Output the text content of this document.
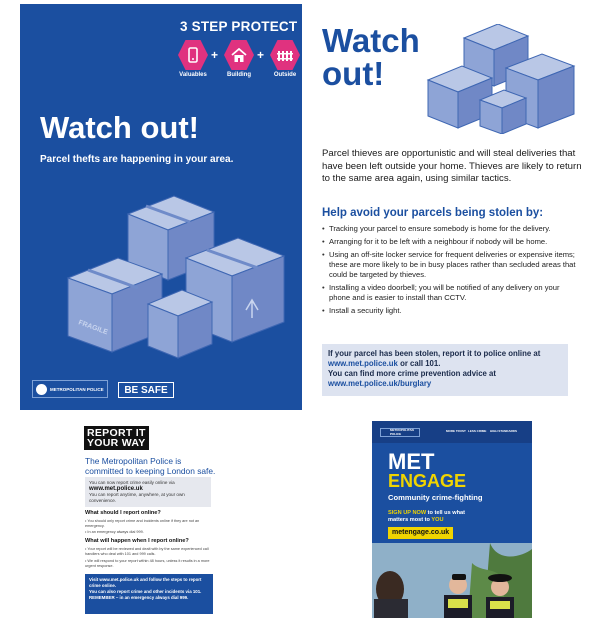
3 STEP PROTECT
Valuables
+
Building
+
Outside
Watch out!
Parcel thefts are happening in your area.
FRAGILE
METROPOLITAN POLICE	BE SAFE
Watch out!
Parcel thieves are opportunistic and will steal deliveries that have been left outside your home. Thieves are likely to return to the same area again, using similar tactics.
Help avoid your parcels being stolen by:
• Tracking your parcel to ensure somebody is home for the delivery.
• Arranging for it to be left with a neighbour if nobody will be home.
• Using an off-site locker service for frequent deliveries or expensive items; these are more likely to be in busy places rather than secluded areas that could be targeted by thieves.
• Installing a video doorbell; you will be notified of any delivery on your phone and is easier to install than CCTV.
• Install a security light.
If your parcel has been stolen, report it to police online at
www.met.police.uk or call 101.
You can find more crime prevention advice at
www.met.police.uk/burglary
REPORT IT
YOUR WAY
The Metropolitan Police is committed to keeping London safe.
You can now report crime easily online via
www.met.police.uk
You can report anytime, anywhere, at your own convenience.
What should I report online?
• You should only report crime and incidents online if they are not an emergency.
• In an emergency always dial 999.
What will happen when I report online?
• Your report will be reviewed and dealt with by the same experienced call handlers who deal with 101 and 999 calls.
• We will respond to your report within 48 hours, unless it results in a more urgent response.
Visit www.met.police.uk and follow the steps to report crime online.
You can also report crime and other incidents via 101.
REMEMBER – in an emergency always dial 999.
METROPOLITAN POLICE
MORE TRUST LESS CRIME HIGH STANDARDS
MET
ENGAGE
Community crime-fighting
SIGN UP NOW to tell us what matters most to YOU
metengage.co.uk
